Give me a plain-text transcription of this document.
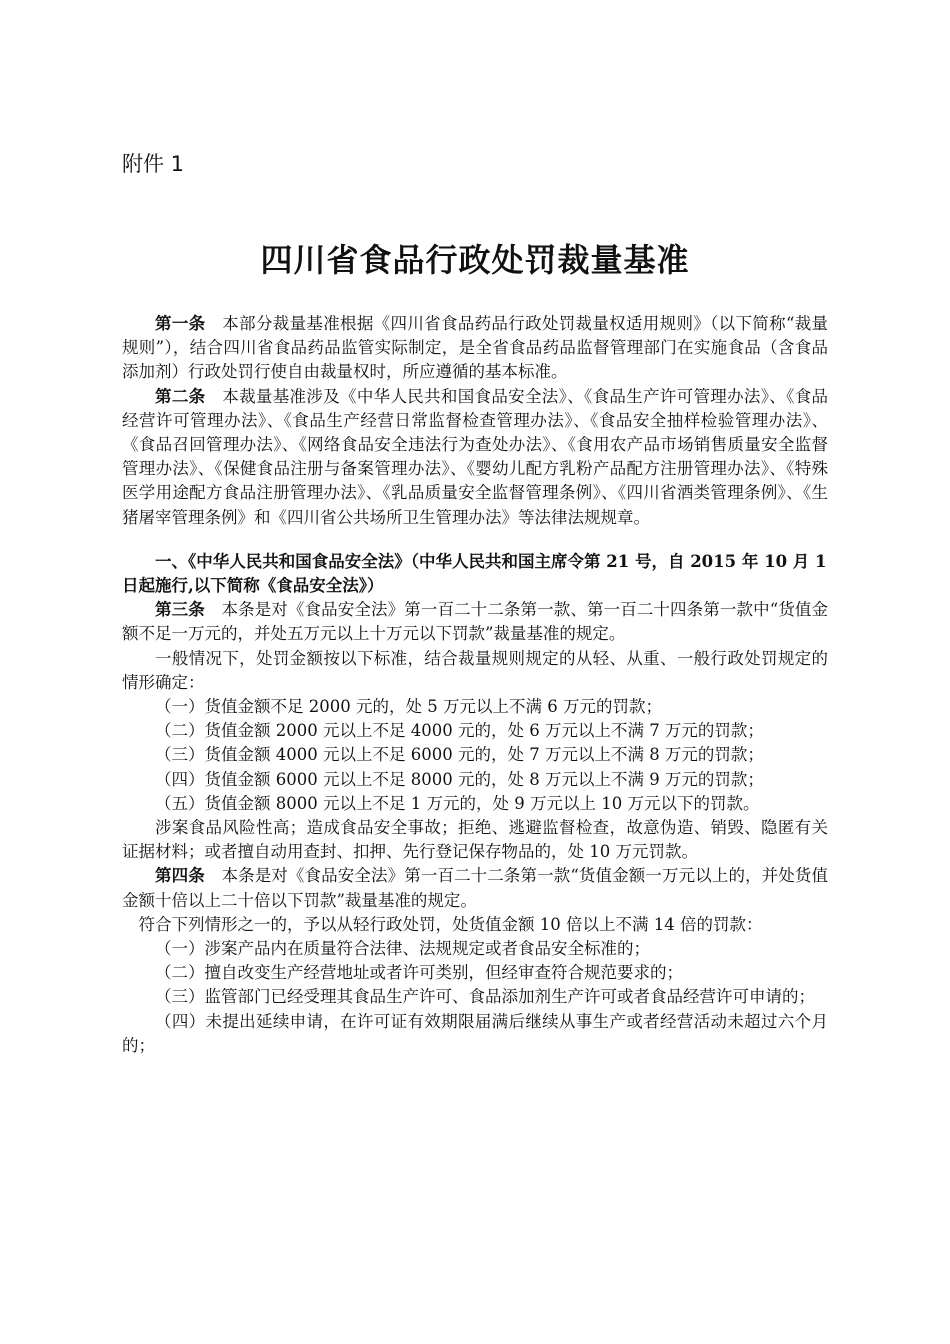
附件 1
四川省食品行政处罚裁量基准

第一条　 本部分裁量基准根据《四川省食品药品行政处罚裁量权适用规则》（以下简称“裁量规则”），结合四川省食品药品监管实际制定，是全省食品药品监督管理部门在实施食品（含食品添加剂）行政处罚行使自由裁量权时，所应遵循的基本标准。

第二条　 本裁量基准涉及《中华人民共和国食品安全法》、《食品生产许可管理办法》、《食品经营许可管理办法》、《食品生产经营日常监督检查管理办法》、《食品安全抽样检验管理办法》、《食品召回管理办法》、《网络食品安全违法行为查处办法》、《食用农产品市场销售质量安全监督管理办法》、《保健食品注册与备案管理办法》、《婴幼儿配方乳粉产品配方注册管理办法》、《特殊医学用途配方食品注册管理办法》、《乳品质量安全监督管理条例》、《四川省酒类管理条例》、《生猪屠宰管理条例》和《四川省公共场所卫生管理办法》等法律法规规章。

一、《中华人民共和国食品安全法》（中华人民共和国主席令第 21 号，自 2015 年 10 月 1 日起施行,以下简称《食品安全法》）

第三条　 本条是对《食品安全法》第一百二十二条第一款、第一百二十四条第一款中“货值金额不足一万元的，并处五万元以上十万元以下罚款”裁量基准的规定。

一般情况下，处罚金额按以下标准，结合裁量规则规定的从轻、从重、一般行政处罚规定的情形确定：

（一）货值金额不足 2000 元的，处 5 万元以上不满 6 万元的罚款；

（二）货值金额 2000 元以上不足 4000 元的，处 6 万元以上不满 7 万元的罚款；

（三）货值金额 4000 元以上不足 6000 元的，处 7 万元以上不满 8 万元的罚款；

（四）货值金额 6000 元以上不足 8000 元的，处 8 万元以上不满 9 万元的罚款；

（五）货值金额 8000 元以上不足 1 万元的，处 9 万元以上 10 万元以下的罚款。

涉案食品风险性高；造成食品安全事故；拒绝、逃避监督检查，故意伪造、销毁、隐匿有关证据材料；或者擅自动用查封、扣押、先行登记保存物品的，处 10 万元罚款。

第四条　 本条是对《食品安全法》第一百二十二条第一款“货值金额一万元以上的，并处货值金额十倍以上二十倍以下罚款”裁量基准的规定。

符合下列情形之一的，予以从轻行政处罚，处货值金额 10 倍以上不满 14 倍的罚款：

（一）涉案产品内在质量符合法律、法规规定或者食品安全标准的；

（二）擅自改变生产经营地址或者许可类别，但经审查符合规范要求的；

（三）监管部门已经受理其食品生产许可、食品添加剂生产许可或者食品经营许可申请的；

（四）未提出延续申请，在许可证有效期限届满后继续从事生产或者经营活动未超过六个月的；
